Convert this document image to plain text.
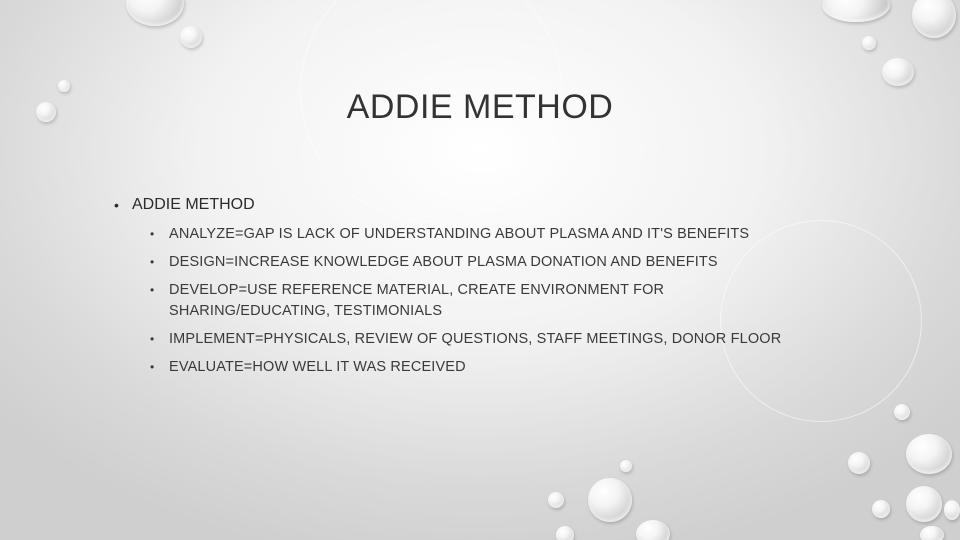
ADDIE METHOD
• ADDIE METHOD
• ANALYZE=GAP IS LACK OF UNDERSTANDING ABOUT PLASMA AND IT'S BENEFITS
• DESIGN=INCREASE KNOWLEDGE ABOUT PLASMA DONATION AND BENEFITS
• DEVELOP=USE REFERENCE MATERIAL, CREATE ENVIRONMENT FOR SHARING/EDUCATING, TESTIMONIALS
• IMPLEMENT=PHYSICALS, REVIEW OF QUESTIONS, STAFF MEETINGS, DONOR FLOOR
• EVALUATE=HOW WELL IT WAS RECEIVED
